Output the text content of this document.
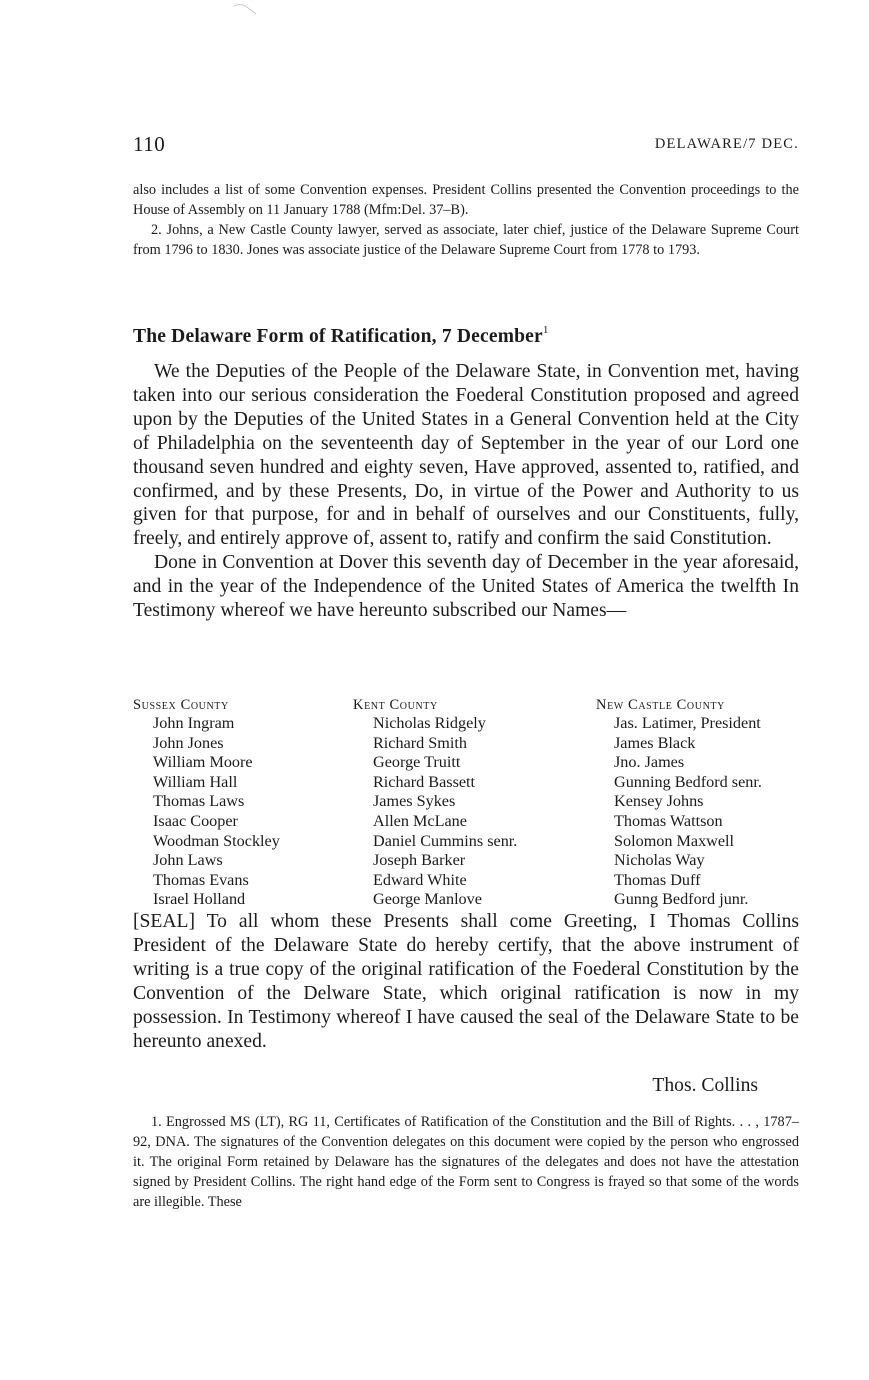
110	DELAWARE/7 DEC.

also includes a list of some Convention expenses. President Collins presented the Convention proceedings to the House of Assembly on 11 January 1788 (Mfm:Del. 37–B).

2. Johns, a New Castle County lawyer, served as associate, later chief, justice of the Delaware Supreme Court from 1796 to 1830. Jones was associate justice of the Delaware Supreme Court from 1778 to 1793.

The Delaware Form of Ratification, 7 December$^1$

We the Deputies of the People of the Delaware State, in Convention met, having taken into our serious consideration the Foederal Constitution proposed and agreed upon by the Deputies of the United States in a General Convention held at the City of Philadelphia on the seventeenth day of September in the year of our Lord one thousand seven hundred and eighty seven, Have approved, assented to, ratified, and confirmed, and by these Presents, Do, in virtue of the Power and Authority to us given for that purpose, for and in behalf of ourselves and our Constituents, fully, freely, and entirely approve of, assent to, ratify and confirm the said Constitution.

Done in Convention at Dover this seventh day of December in the year aforesaid, and in the year of the Independence of the United States of America the twelfth In Testimony whereof we have hereunto subscribed our Names—

Sussex County
John Ingram
John Jones
William Moore
William Hall
Thomas Laws
Isaac Cooper
Woodman Stockley
John Laws
Thomas Evans
Israel Holland
Kent County
Nicholas Ridgely
Richard Smith
George Truitt
Richard Bassett
James Sykes
Allen McLane
Daniel Cummins senr.
Joseph Barker
Edward White
George Manlove
New Castle County
Jas. Latimer, President
James Black
Jno. James
Gunning Bedford senr.
Kensey Johns
Thomas Wattson
Solomon Maxwell
Nicholas Way
Thomas Duff
Gunng Bedford junr.

[SEAL] To all whom these Presents shall come Greeting, I Thomas Collins President of the Delaware State do hereby certify, that the above instrument of writing is a true copy of the original ratification of the Foederal Constitution by the Convention of the Delware State, which original ratification is now in my possession. In Testimony whereof I have caused the seal of the Delaware State to be hereunto anexed.

Thos. Collins

1. Engrossed MS (LT), RG 11, Certificates of Ratification of the Constitution and the Bill of Rights. . . , 1787–92, DNA. The signatures of the Convention delegates on this document were copied by the person who engrossed it. The original Form retained by Delaware has the signatures of the delegates and does not have the attestation signed by President Collins. The right hand edge of the Form sent to Congress is frayed so that some of the words are illegible. These
